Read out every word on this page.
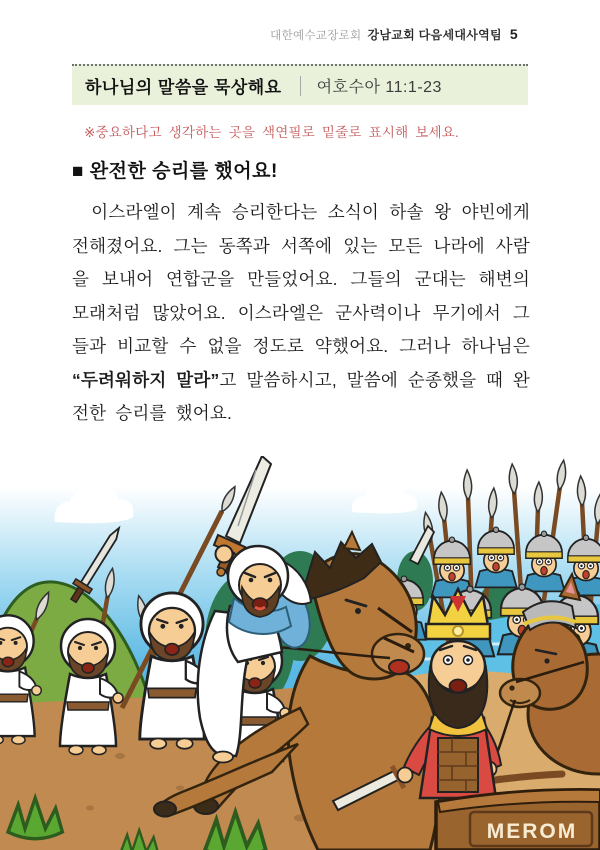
대한예수교장로회 강남교회 다음세대사역팀 5
하나님의 말씀을 묵상해요 여호수아 11:1-23
※중요하다고 생각하는 곳을 색연필로 밑줄로 표시해 보세요.
■ 완전한 승리를 했어요!

이스라엘이 계속 승리한다는 소식이 하솔 왕 야빈에게 전해졌어요. 그는 동쪽과 서쪽에 있는 모든 나라에 사람을 보내어 연합군을 만들었어요. 그들의 군대는 해변의 모래처럼 많았어요. 이스라엘은 군사력이나 무기에서 그들과 비교할 수 없을 정도로 약했어요. 그러나 하나님은 “두려워하지 말라”고 말씀하시고, 말씀에 순종했을 때 완전한 승리를 했어요.

MEROM
